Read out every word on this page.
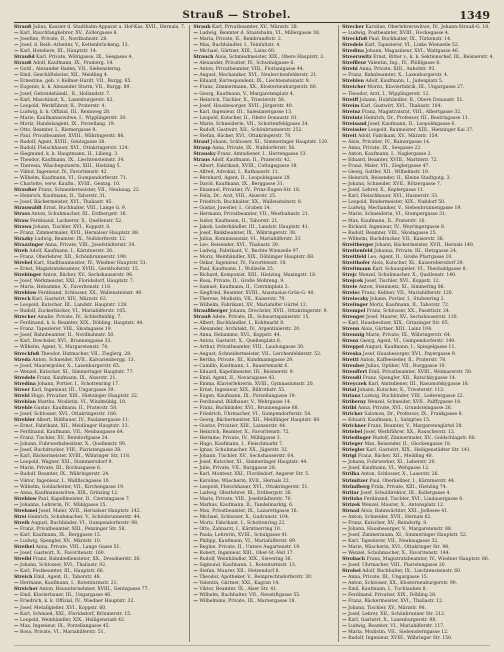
Strauß — Strobel.	1349
Strauß Julius, Kassier d. Stadtbahn-Apparat u. Hof-Kas. XVII., Hernals, 7.
— Karl, Rauchfangkehrer, XV., Zollergasse 8.
— Josefine, Private, II., Nordbahnstr. 28.
— Josef, d. Reiß.-Arbeiter, V., Kettenbrückeng. 13.
— Karl, Hoteliere, III., Hauptstr. 14.
Straußd Karl, Private, Wölrigasse, IX., Seegasse 4.
Strauß Adolf, Kaufmann, IX., Pramerg. 14.
— Gottl., Alexander Baden, VII., Siebensterng.
— Emil, Geschäftsleiter, XII., Meidling 4.
— Ernestine, geb. v. Kellner-Hardt, VII., Burgg. 65.
— Eugenie, k. k. Alexander Sturm, VII., Burgg. 89.
— Josef, Getreidehändl., II., Hollandstr. 7.
— Karl, Maschinist, X., Laxenburgerstr. 82.
— Leopold, Werkführer, II., Praterstr. 4.
— Ludwig, k. k. Offizial, III., Rennweg 28.
— Marie, Kaufmannswitwe, I., Wipplingerstr. 30.
— Moriz, Handelsagent, IX., Porzellang. 19.
— Otto, Beamter, I., Riemergasse 9.
— Paul, Privatbeamter, XVIII., Währingerstr. 86.
— Rudolf, Agent, XVIII., Gentzgasse 38.
— Rudolf, Fleischhauer, XVI., Ottakringerstr. 124.
— Siegmund, k. k. Hauptmann, II., Lilieng. 3.
— Theodor, Kaufmann, IX., Liechtensteinstr. 34.
— Theresia, Wäscheputzerin, XIII., Hietzing 5.
— Viktor, Ingenieur, IV., Favoritenstr. 42.
— Wilhelm, Kaufmann, VI., Gumpendorferstr. 71.
— Charlotte, verw. Kaufm., XVIII., Gentzg. 10.
Straußer Franz, Schneidermeister, VII., Neubaug. 22.
— Heinrich, Kaufmann, II., Taborstr. 31.
— Josef, Bäckermeister, XVI., Thaliastr. 45.
Strauwaldt Ernst, Buchhalter, VIII., Lange G. 9.
Stravs Anton, Schuhmacher, III., Erdbergstr. 16.
Straw Ferdinand, Lackierer, X., Quellenstr. 52.
Strawa Johann, Tischler, XVI., Koppstr. 8.
— Franz, Zimmermaler, XVII., Hernalser Hauptstr. 88.
Strazky Ludwig, Beamter, IX., Nußdorferstr. 12.
Strazzinger Anna, Private, VIII., Josefstädterstr. 34.
Streb Adolf, Kaufmann, I., Kärntnerstr. 26.
— Franz, Oberlehrer, XII., Schönbrunnerstr. 190.
Strebel Karl, Stadtbaumeister, IV., Wiedner Hauptstr. 51.
— Ernst, Magistratsbeamter, XVIII., Gersthoferstr. 15.
Strebinger Anton, Bäcker, XV., Sechshauserstr. 96.
— Josef, Werkmeister, XXI., Floridsdorf, Hauptstr. 7.
— Maria, Hebamme, X., Favoritenstr. 118.
Streblow Ferdinand, Schlosser, XX., Wallensteinstr. 40.
Streck Karl, Gastwirt, XIV., Märzstr. 62.
— Leopold, Kutscher, III., Landstr. Hauptstr. 128.
— Rudolf, Zuckerbäcker, VI., Mariahilferstr. 105.
Strecker Amalie, Private, IV., Schleifmühlg. 7.
— Ferdinand, k. k. Beamter, XIX., Döbling, Hauptstr. 44.
— Franz, Tapezierer, VIII., Skodagasse 19.
— Josef, Bahnbeamter, II., Nordbahnstr. 50.
— Karl, Drechsler, XVI., Brunnengasse 33.
— Wilhelm, Agent, V., Margaretenstr. 74.
Streckfuß Theodor, Hutmacher, VII., Zieglerg. 28.
Streda Anton, Schneider, XVII., Kalvarienbergg. 13.
— Josef, Maurerpolier, X., Laxenburgerstr. 65.
— Wenzel, Kutscher, XI., Simmeringer Hauptstr. 77.
Stredele Franz, Kaufmann, IX., Alserstr. 21.
Stredina Johann, Portier, I., Schottenring 17.
Streer Karl, Ingenieur, III., Ungargasse 39.
Strehl Hugo, Privatier, XIII., Hietzinger Hauptstr. 22.
Strehlau Martha, Modistin, VI., Windmühlg. 18.
Strehle Gustav, Kaufmann, II., Praterstr. 58.
— Josef, Schlosser, XVI., Ottakringerstr. 166.
Strehler Albert, Bildhauer, IV., Paulanergasse 11.
— Ernst, Fabrikant, XII., Meidlinger Hauptstr. 33.
— Ferdinand, Kaufmann, VII., Neubaugasse 64.
— Franz, Tischler, XV., Reindorfgasse 24.
— Johann, Fuhrwerksbesitzer, X., Quellenstr. 90.
— Josef, Buchdrucker, VIII., Piaristengasse 38.
— Karl, Bäckermeister, XVIII., Währinger Str. 118.
— Leopold, Wagner, XXI., Stammersdorf 9.
— Marie, Private, III., Rochusgasse 6.
— Rudolf, Beamter, IX., Währingerstr. 24.
— Viktor, Ingenieur, I., Wallfischgasse 10.
— Wilhelm, Goldarbeiter, VII., Kirchengasse 19.
— Anna, Kaufmannswitwe, XIX., Grinzing 12.
Strehlow Paul, Kapellmeister, II., Czerningasse 7.
— Johanna, Lehrerin, IV., Mühlgasse 15.
Strehmel Josef, Maler, XVII., Hernalser Hauptstr. 142.
Strei Heinrich, Schuhmacher, V., Schönbrunnerstr. 44.
Streib August, Buchbinder, VI., Gumpendorferstr. 98.
— Franz, Privatbeamter, XIII., Penzinger Str. 58.
— Karl, Kaufmann, IX., Berggasse 15.
— Ludwig, Spengler, XV., Märzstr. 10.
Streibel Anna, Private, VIII., Lange Gasse 51.
— Josef, Gastwirt, X., Favoritenstr. 160.
Streibl Franz, Bahnbediensteter, XX., Dresdnerstr. 38.
— Johann, Schlosser, XVI., Thaliastr. 92.
— Karl, Postbeamter, III., Hauptstr. 66.
Streich Emil, Agent, II., Taborstr. 48.
— Hermann, Kaufmann, I., Rotenturmstr. 21.
Streicher Anton, Bauunternehmer, XVIII., Gentzgasse 77.
— Emil, Klavierbauer, III., Ungargasse 46.
— Friedrich, k. k. Offizial, IV., Wiedner Hauptstr. 32.
— Josef, Metallgießer, XVI., Koppstr. 60.
— Karl, Schmied, XXI., Floridsdorf, Brünnerstr. 15.
— Leopold, Weinhändler, XIX., Heiligenstadt 42.
— Max, Ingenieur, IX., Porzellangasse 45.
— Rosa, Private, VI., Mariahilferstr. 51.
Straub Karl, Privatbeamter, XV., Märzstr. 28.
— Ludwig, Beamter d. Staatsbahn, VI., Millergasse 38.
— Maria, Private, II., Rembrandtstr. 2.
— Max, Buchhändler, I., Teinfaltstr. 4.
— Michael, Gärtner, XIII., Lainz 60.
Strauch Alois, Schmiedmeister, XIX., Obere Hauptstr. 3.
— Alexander, Privatier, IV., Schwindgasse 6.
— Anton, Privatbeamter, VIII., Florianigasse 44.
— August, Mechaniker, XVI., Neulerchenfelderstr. 21.
— Eduard, Korrespondent, IX., Liechtensteinstr. 9.
— Franz, Zimmermann, XX., Klosterneuburgerstr. 66.
— Georg, Kaufmann, V., Margaretenplatz 4.
— Heinrich, Tischler, X., Triesterstr. 58.
— Josef, Hausbesorger, XVII., Jörgerstr. 40.
— Karl, Ingenieur, III., Salesianergasse 13.
— Leopold, Kutscher, II., Obere Donaustr. 81.
— Marie, Schneiderin, VII., Schottenfeldgasse 34.
— Rudolf, Gastwirt, XII., Schönbrunnerstr. 252.
— Stefan, Bäcker, XVI., Ottakringerstr. 78.
Strauf Johann, Schlosser, XI., Simmeringer Hauptstr. 120.
Straup Anna, Private, IX., Nußdorferstr. 56.
Strausky Franz, Amtsdiener, I., Herrengasse 13.
Straus Adolf, Kaufmann, II., Praterstr. 42.
— Albert, Fabrikant, XVIII., Cottagegasse 18.
— Alfred, Advokat, I., Rathausstr. 11.
— Bernhard, Agent, II., Leopoldsgasse 29.
— David, Kaufmann, IX., Berggasse 31.
— Emanuel, Privatier, IV., Prinz-Eugen-Str. 18.
— Felix, Dr., Arzt, VIII., Alserstr. 25.
— Friedrich, Buchhalter, XX., Wallensteinstr. 8.
— Gustav, Juwelier, I., Graben 14.
— Hermann, Privatbeamter, VII., Westbahnstr. 21.
— Isidor, Kaufmann, II., Taborstr. 21.
— Jakob, Lederhändler, III., Landstr. Hauptstr. 41.
— Josef, Bankbeamter, IX., Währingerstr. 38.
— Julius, Kommissionär, VI., Mariahilferstr. 33.
— Leo, Reisender, XVI., Thaliastr. 30.
— Ludwig, Fabrikant, V., Rechte Wienzeile 97.
— Moriz, Weinhändler, XIX., Döblinger Hauptstr. 68.
— Oskar, Ingenieur, IV., Favoritenstr. 18.
— Paul, Kaufmann, I., Wollzeile 25.
— Richard, Komponist, XIII., Hietzing, Maxingstr. 18.
— Rosa, Private, II., Große Mohreng. 9.
— Samuel, Kaufmann, II., Czerninplatz 3.
— Siegfried, Beamter, XVIII., Anastasius-Grün-G. 40.
— Therese, Modistin, VII., Kaiserstr. 70.
— Wilhelm, Fabrikant, XV., Mariahilfer Gürtel 12.
Straußberger Johann, Drechsler, XVII., Ottakringerstr. 9.
Strauß Adele, Private, IX., Schwarzspanierstr. 15.
— Albert, Buchhändler, I., Kohlmarkt 8.
— Alexander, Architekt, IV., Argentinierstr. 20.
— Anna, Hebamme, XVI., Koppstr. 44.
— Anton, Gastwirt, X., Quellenplatz 6.
— Arthur, Privatbeamter, VIII., Laudongasse 30.
— August, Schneidermeister, VII., Lerchenfelderstr. 52.
— Bertha, Private, III., Kundmanngasse 29.
— Camillo, Kaufmann, I., Bauernmarkt 6.
— Eduard, Kapellmeister, III., Reisnerstr. 9.
— Emil, Agent, II., Novaragasse 43.
— Emma, Klavierlehrerin, XVIII., Gymnasiumstr. 20.
— Ernst, Ingenieur, XIX., Billrothstr. 55.
— Eugen, Kaufmann, IX., Porzellangasse 19.
— Ferdinand, Bildhauer, V., Wehrgasse 14.
— Franz, Buchbinder, XVI., Brunnengasse 68.
— Friedrich, Uhrmacher, VI., Gumpendorferstr. 54.
— Georg, Bäckermeister, XII., Meidlinger Hauptstr. 60.
— Gustav, Privatier, XIII., Lainzerstr. 44.
— Heinrich, Beamter, X., Favoritenstr. 72.
— Hermine, Private, IV., Mühlgasse 3.
— Hugo, Kaufmann, I., Fleischmarkt 7.
— Ignaz, Schuhmacher, XX., Jägerstr. 32.
— Johann, Tischler, XV., Sechshauserstr. 64.
— Josef, Kutscher, XI., Simmeringer Hauptstr. 44.
— Julie, Private, VII., Burggasse 28.
— Karl, Monteur, XXI., Floridsdorf, Angerer Str. 5.
— Karoline, Wäscherin, XVII., Hernals 22.
— Leopold, Fleischhauer, XVI., Ottakringerstr. 51.
— Ludwig, Oberlehrer, III., Erdbergstr. 36.
— Marie, Private, VIII., Josefstädterstr. 70.
— Markus, Kaufmann, II., Tandelmarktg. 6.
— Max, Privatbeamter, IX., Lazarettgasse 16.
— Michael, Schlosser, X., Gudrunstr. 104.
— Moriz, Fabrikant, I., Schottenring 22.
— Otto, Zahnarzt, I., Kärntnerring 10.
— Paula, Lehrerin, XVIII., Schulgasse 41.
— Philipp, Kaufmann, VI., Mariahilferstr. 89.
— Regine, Private, II., Untere Augartenstr. 19.
— Robert, Ingenieur, XIII., Ober-St.-Veit 17.
— Rudolf, Weinhändler, XIX., Sievering 36.
— Sigmund, Kaufmann, I., Rotenturmstr. 13.
— Stefan, Maurer, XII., Hetzendorf 8.
— Theodor, Apotheker, V., Reinprechtsdorferstr. 30.
— Valentin, Gärtner, XXI., Kagran 14.
— Viktor, Beamter, IX., Alser Str. 41.
— Wilhelm, Buchhalter, VII., Neustiftgasse 55.
— Wilhelmine, Private, III., Marxergasse 18.
Strecker Karoline, Oberlehrerswitwe, IV., Johann-Strauß-G. 18.
— Ludwig, Postbeamter, XVIII., Hockegasse 4.
Streckfuß Paul, Buchhalter, IX., Türkenstr. 14.
Stredele Karl, Tapezierer, VI., Linke Wienzeile 52.
Stredina Johann, Magazineur, XVI., Wattgasse 46.
Streeruwitz Ernst, Ritter v., k. k. Sektionschef, III., Reisnerstr. 4.
Streffleur Valentin, Ing., IV., Plößlgasse 6.
Strehl Anna, Private, XIII., Auhofstr. 93.
— Franz, Bahnbeamter, X., Laxenburgerstr. 4.
Strehlen Adolf, Kaufmann, I., Judenplatz 5.
Streicher Moritz, Klavierfabrik, III., Ungargasse 27.
— Theodor, Arzt, I., Wipplingerstr. 12.
Streiff Johann, Holzhändler, II., Obere Donaustr. 51.
Streim Karl, Gastwirt, XVI., Thaliastr. 104.
Streinz Franz, Magistratsrat, VIII., Albertgasse 32.
Streintz Heinrich, Dr., Professor, III., Beatrixgasse 11.
Streisand Josef, Kaufmann, II., Leopoldsgasse 6.
Streissler Leopold, Baumeister, XIII., Hietzinger Kai 37.
Streit Adolf, Fabrikant, XV., Märzstr. 154.
— Alois, Privatier, IV., Rainergasse 14.
— Anna, Private, IX., Seegasse 22.
— Anton, Kaufmann, I., Naglergasse 2.
— Eduard, Beamter, XVIII., Martinstr. 72.
— Franz, Maler, VII., Zieglergasse 47.
— Georg, Sattler, XII., Wilhelmstr. 19.
— Heinrich, Reisender, II., Kleine Stadtgutg. 3.
— Johann, Schneider, XVII., Rötzergasse 7.
— Josef, Lehrer, X., Keplergasse 11.
— Karl, Fleischhauer, XVI., Hasnerstr. 33.
— Leopold, Bindermeister, XIX., Nußdorf 50.
— Ludwig, Mechaniker, V., Siebenbrunnengasse 19.
— Marie, Schneiderin, VI., Stumpergasse 31.
— Max, Kaufmann, II., Praterstr. 16.
— Richard, Ingenieur, IV., Weyringergasse 8.
— Rudolf, Beamter, VIII., Skodagasse 25.
— Wilhelm, Buchdrucker, VII., Kaiserstr. 36.
Streitberger Johann, Bäckermeister, XVII., Hernals 140.
Streitenfeld Johanna, Private, III., Hetzgasse 24.
Streitfeld Leo, Agent, II., Große Pfarrgasse 10.
Streithofer Alois, Kutscher, XI., Kaiserebersdorf 29.
Streitmann Karl, Schauspieler, VI., Theobaldgasse 8.
Strejc Wenzel, Schuhmacher, X., Quellenstr. 140.
Strejcek Josef, Tischler, XVI., Koppstr. 12.
Strele Anton, Steinmetz, XI., Simmering 86.
Strelec Franz, Kellner, VII., Mariahilferstr. 120.
Streleczky Johann, Portier, I., Stubenring 2.
Strelinger Moriz, Kaufmann, II., Taborstr. 72.
Strempel Franz, Schlosser, XX., Pasettistr. 24.
Strenger Josef, Maurer, XV., Sechshauserstr. 110.
— Karl, Hausbesitzer, XIX., Grinzinger Str. 65.
Strenn Alois, Gärtner, XIII., Lainz 104.
Strennig Marie, Private, IX., Währingerstr. 64.
Strenz Georg, Agent, VI., Gumpendorferstr. 140.
Streppel August, Kaufmann, I., Spiegelgasse 11.
Streska Josef, Hausbesorger, XVI., Payergasse 9.
Stretti Anton, Kaffeesieder, II., Praterstr. 78.
Streuber Julius, Optiker, VII., Burggasse 10.
Streuffert Emil, Privatbeamter, XVIII., Weimarerstr. 50.
Streußl Franz, Spengler, XII., Ratschkygasse 14.
Streyczek Karl, Amtsdiener, III., Rasumofskygasse 16.
Strial Johann, Kutscher, X., Triesterstr. 112.
Strianz Ludwig, Buchbinder, VIII., Lederergasse 22.
Striberny Wenzel, Schneider, XVII., Palffygasse 18.
Stribl Anna, Private, XVI., Grundsteingasse 26.
Stricker Salomon, Dr., Professor, IX., Frankgasse 8.
— Eduard, Kaufmann, I., Salzgries 15.
Strickner Franz, Beamter, V., Margaretengürtel 38.
Striebel Josef, Werkführer, XX., Rauscherstr. 12.
Striedinger Rudolf, Zimmermaler, XV., Goldschlagstr. 60.
Strieger Max, Reisender, II., Glockengasse 18.
Striegler Karl, Gastwirt, XIX., Heiligenstädter Str. 141.
Strigl Franz, Bäcker, XII., Meidling 48.
— Johann, Fuhrwerker, XI., Leberstr. 20.
— Josef, Kaufmann, VI., Webgasse 12.
Strilka Anton, Schlosser, X., Laaerstr. 26.
Strimitzer Paul, Oberkellner, I., Kärntnerstr. 44.
Strindberg Frida, Private, XIII., Hietzing 74.
Stritar Josef, Schuldirektor, III., Kollergasse 4.
Stritzko Ferdinand, Tischler, XVI., Lindauergasse 8.
Strizek Wenzel, Maurer, X., Antonsplatz 12.
Strnad Alois, Bahnwächter, XXI., Jedlesee 41.
— Anton, Schneider, XVII., Hernals 62.
— Franz, Kutscher, XV., Reindorfg. 8.
— Johann, Hausbesorger, V., Margaretenstr. 88.
— Josef, Zimmermann, XI., Simmeringer Hauptstr. 52.
— Karl, Tapezierer, VII., Neubaugasse 32.
— Marie, Wäscherin, XVI., Ottakringer Str. 98.
— Wenzel, Schuhmacher, X., Favoritenstr. 144.
Strobach Franz, Magistratsbeamter, IV., Wiedner Hauptstr. 66.
— Josef, Uhrmacher, VIII., Piaristengasse 20.
Strobel Adolf, Buchhalter, IX., Liechtensteinstr. 60.
— Anna, Private, III., Ungargasse 15.
— Anton, Schlosser, XX., Klosterneuburgerstr. 90.
— Emil, Kaufmann, I., Tuchlauben 8.
— Ferdinand, Privatier, XIX., Döbling 28.
— Franz, Bäckermeister, XVI., Thaliastr. 12.
— Johann, Tischler, XV., Märzstr. 98.
— Josef, Lehrer, XII., Schönbrunner Str. 212.
— Karl, Gastwirt, X., Laxenburgerstr. 98.
— Ludwig, Beamter, VI., Mariahilferstr. 117.
— Maria, Modistin, VII., Siebensterngasse 12.
— Rudolf, Ingenieur, XVIII., Währinger Str. 150.
